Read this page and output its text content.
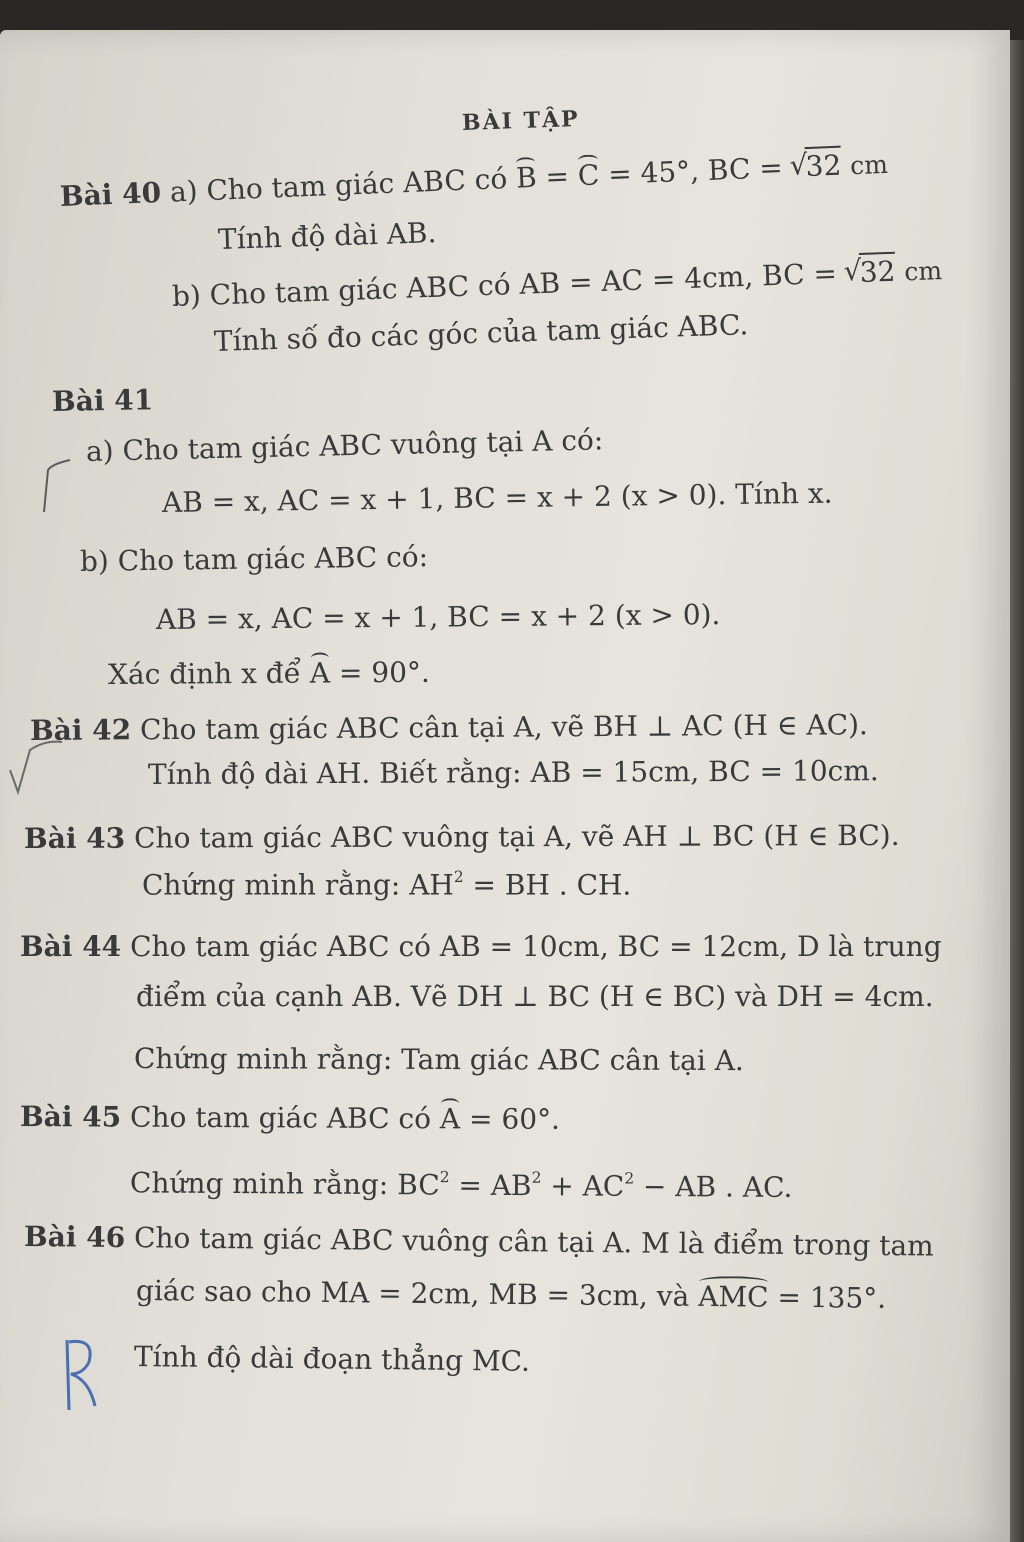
BÀI TẬP
Bài 40 a) Cho tam giác ABC có B = C = 45°, BC = √ 32 cm
Tính độ dài AB.
b) Cho tam giác ABC có AB = AC = 4cm, BC = √ 32 cm
Tính số đo các góc của tam giác ABC.
Bài 41
a) Cho tam giác ABC vuông tại A có:
AB = x, AC = x + 1, BC = x + 2 (x > 0). Tính x.
b) Cho tam giác ABC có:
AB = x, AC = x + 1, BC = x + 2 (x > 0).
Xác định x để A = 90°.
Bài 42 Cho tam giác ABC cân tại A, vẽ BH ⊥ AC (H ∈ AC).
Tính độ dài AH. Biết rằng: AB = 15cm, BC = 10cm.
Bài 43 Cho tam giác ABC vuông tại A, vẽ AH ⊥ BC (H ∈ BC).
Chứng minh rằng: $AH^2$ = BH . CH.
Bài 44 Cho tam giác ABC có AB = 10cm, BC = 12cm, D là trung
điểm của cạnh AB. Vẽ DH ⊥ BC (H ∈ BC) và DH = 4cm.
Chứng minh rằng: Tam giác ABC cân tại A.
Bài 45 Cho tam giác ABC có A = 60°.
Chứng minh rằng: $BC^2 = AB^2 + AC^2$ − AB . AC.
Bài 46 Cho tam giác ABC vuông cân tại A. M là điểm trong tam
giác sao cho MA = 2cm, MB = 3cm, và AMC = 135°.
Tính độ dài đoạn thẳng MC.
